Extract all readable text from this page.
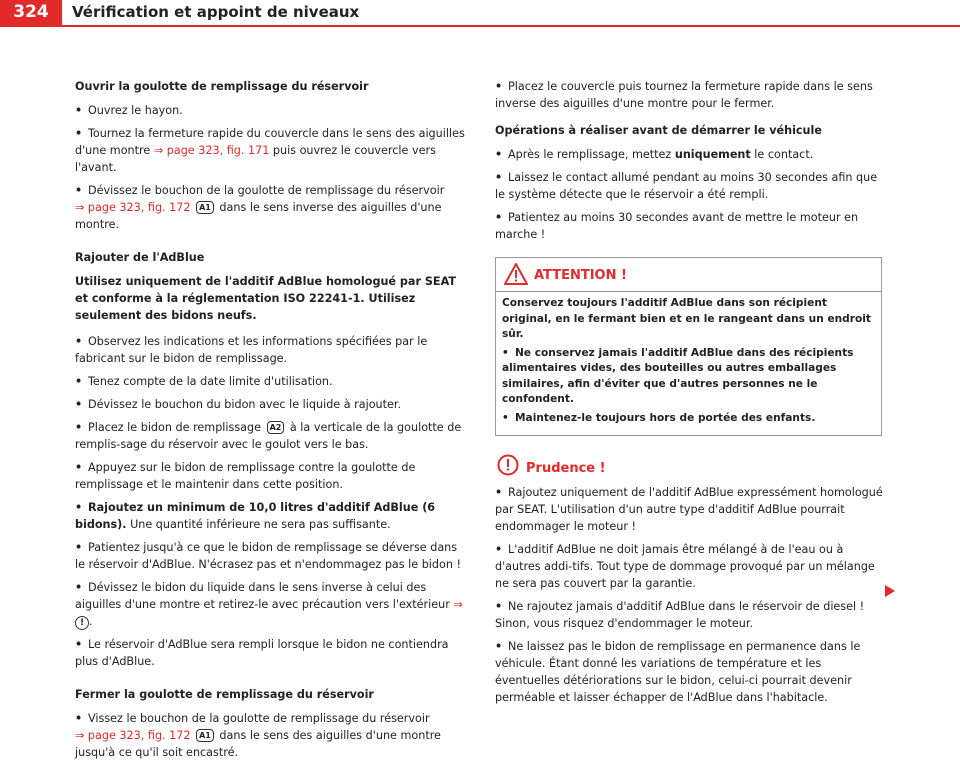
324	Vérification et appoint de niveaux
Ouvrir la goulotte de remplissage du réservoir
• Ouvrez le hayon.
• Tournez la fermeture rapide du couvercle dans le sens des aiguilles d'une montre ⇒ page 323, fig. 171 puis ouvrez le couvercle vers l'avant.
• Dévissez le bouchon de la goulotte de remplissage du réservoir
⇒ page 323, fig. 172 A1 dans le sens inverse des aiguilles d'une montre.
Rajouter de l'AdBlue
Utilisez uniquement de l'additif AdBlue homologué par SEAT et conforme à la réglementation ISO 22241-1. Utilisez seulement des bidons neufs.
• Observez les indications et les informations spécifiées par le fabricant sur le bidon de remplissage.
• Tenez compte de la date limite d'utilisation.
• Dévissez le bouchon du bidon avec le liquide à rajouter.
• Placez le bidon de remplissage A2 à la verticale de la goulotte de remplis-sage du réservoir avec le goulot vers le bas.
• Appuyez sur le bidon de remplissage contre la goulotte de remplissage et le maintenir dans cette position.
• Rajoutez un minimum de 10,0 litres d'additif AdBlue (6 bidons). Une quantité inférieure ne sera pas suffisante.
• Patientez jusqu'à ce que le bidon de remplissage se déverse dans le réservoir d'AdBlue. N'écrasez pas et n'endommagez pas le bidon !
• Dévissez le bidon du liquide dans le sens inverse à celui des aiguilles d'une montre et retirez-le avec précaution vers l'extérieur ⇒ ! .
• Le réservoir d'AdBlue sera rempli lorsque le bidon ne contiendra plus d'AdBlue.
Fermer la goulotte de remplissage du réservoir
• Vissez le bouchon de la goulotte de remplissage du réservoir
⇒ page 323, fig. 172 A1 dans le sens des aiguilles d'une montre jusqu'à ce qu'il soit encastré.
• Placez le couvercle puis tournez la fermeture rapide dans le sens inverse des aiguilles d'une montre pour le fermer.
Opérations à réaliser avant de démarrer le véhicule
• Après le remplissage, mettez uniquement le contact.
• Laissez le contact allumé pendant au moins 30 secondes afin que le système détecte que le réservoir a été rempli.
• Patientez au moins 30 secondes avant de mettre le moteur en marche !
ATTENTION !
Conservez toujours l'additif AdBlue dans son récipient original, en le fermant bien et en le rangeant dans un endroit sûr.
• Ne conservez jamais l'additif AdBlue dans des récipients alimentaires vides, des bouteilles ou autres emballages similaires, afin d'éviter que d'autres personnes ne le confondent.
• Maintenez-le toujours hors de portée des enfants.
Prudence !
• Rajoutez uniquement de l'additif AdBlue expressément homologué par SEAT. L'utilisation d'un autre type d'additif AdBlue pourrait endommager le moteur !
• L'additif AdBlue ne doit jamais être mélangé à de l'eau ou à d'autres addi-tifs. Tout type de dommage provoqué par un mélange ne sera pas couvert par la garantie.
• Ne rajoutez jamais d'additif AdBlue dans le réservoir de diesel ! Sinon, vous risquez d'endommager le moteur.
• Ne laissez pas le bidon de remplissage en permanence dans le véhicule. Étant donné les variations de température et les éventuelles détériorations sur le bidon, celui-ci pourrait devenir perméable et laisser échapper de l'AdBlue dans l'habitacle.
